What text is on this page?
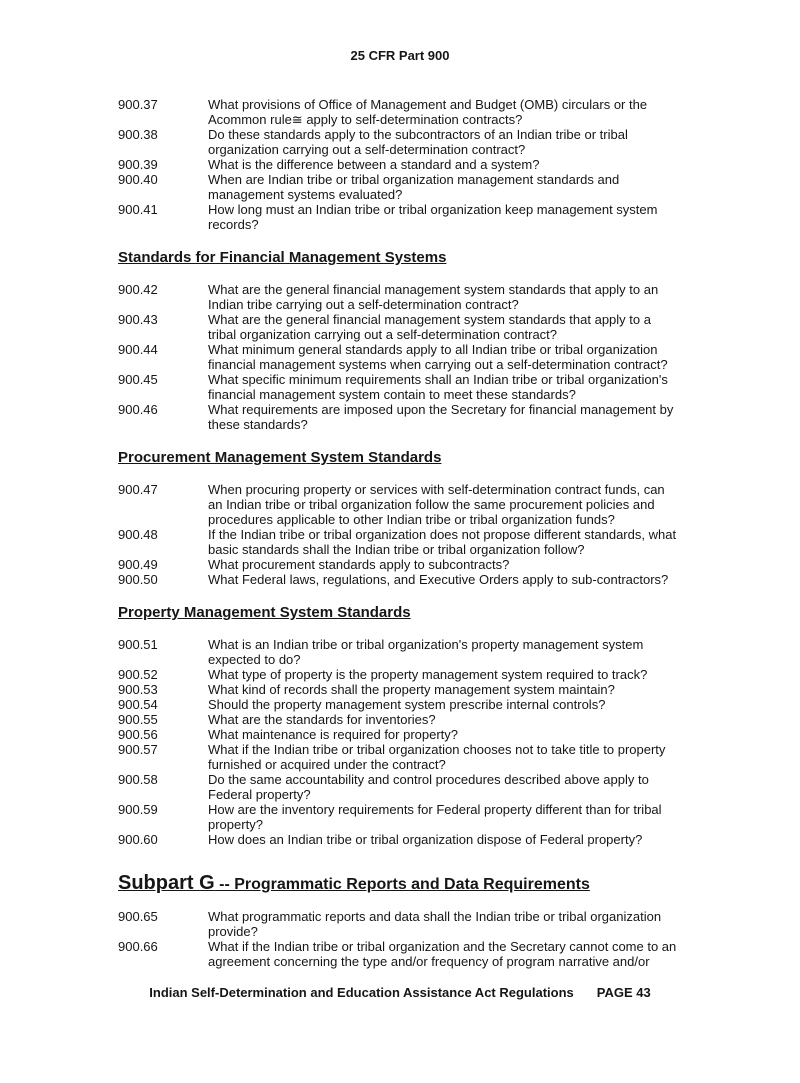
25 CFR Part 900
900.37	What provisions of Office of Management and Budget (OMB) circulars or the
Αcommon rule≅ apply to self-determination contracts?
900.38	Do these standards apply to the subcontractors of an Indian tribe or tribal
organization carrying out a self-determination contract?
900.39	What is the difference between a standard and a system?
900.40	When are Indian tribe or tribal organization management standards and
management systems evaluated?
900.41	How long must an Indian tribe or tribal organization keep management system
records?
Standards for Financial Management Systems
900.42	What are the general financial management system standards that apply to an
Indian tribe carrying out a self-determination contract?
900.43	What are the general financial management system standards that apply to a
tribal organization carrying out a self-determination contract?
900.44	What minimum general standards apply to all Indian tribe or tribal organization
financial management systems when carrying out a self-determination contract?
900.45	What specific minimum requirements shall an Indian tribe or tribal organization's
financial management system contain to meet these standards?
900.46	What requirements are imposed upon the Secretary for financial management by
these standards?
Procurement Management System Standards
900.47	When procuring property or services with self-determination contract funds, can
an Indian tribe or tribal organization follow the same procurement policies and
procedures applicable to other Indian tribe or tribal organization funds?
900.48	If the Indian tribe or tribal organization does not propose different standards, what
basic standards shall the Indian tribe or tribal organization follow?
900.49	What procurement standards apply to subcontracts?
900.50	What Federal laws, regulations, and Executive Orders apply to sub-contractors?
Property Management System Standards
900.51	What is an Indian tribe or tribal organization's property management system
expected to do?
900.52	What type of property is the property management system required to track?
900.53	What kind of records shall the property management system maintain?
900.54	Should the property management system prescribe internal controls?
900.55	What are the standards for inventories?
900.56	What maintenance is required for property?
900.57	What if the Indian tribe or tribal organization chooses not to take title to property
furnished or acquired under the contract?
900.58	Do the same accountability and control procedures described above apply to
Federal property?
900.59	How are the inventory requirements for Federal property different than for tribal
property?
900.60	How does an Indian tribe or tribal organization dispose of Federal property?
Subpart G -- Programmatic Reports and Data Requirements
900.65	What programmatic reports and data shall the Indian tribe or tribal organization
provide?
900.66	What if the Indian tribe or tribal organization and the Secretary cannot come to an
agreement concerning the type and/or frequency of program narrative and/or
Indian Self-Determination and Education Assistance Act Regulations PAGE 43
